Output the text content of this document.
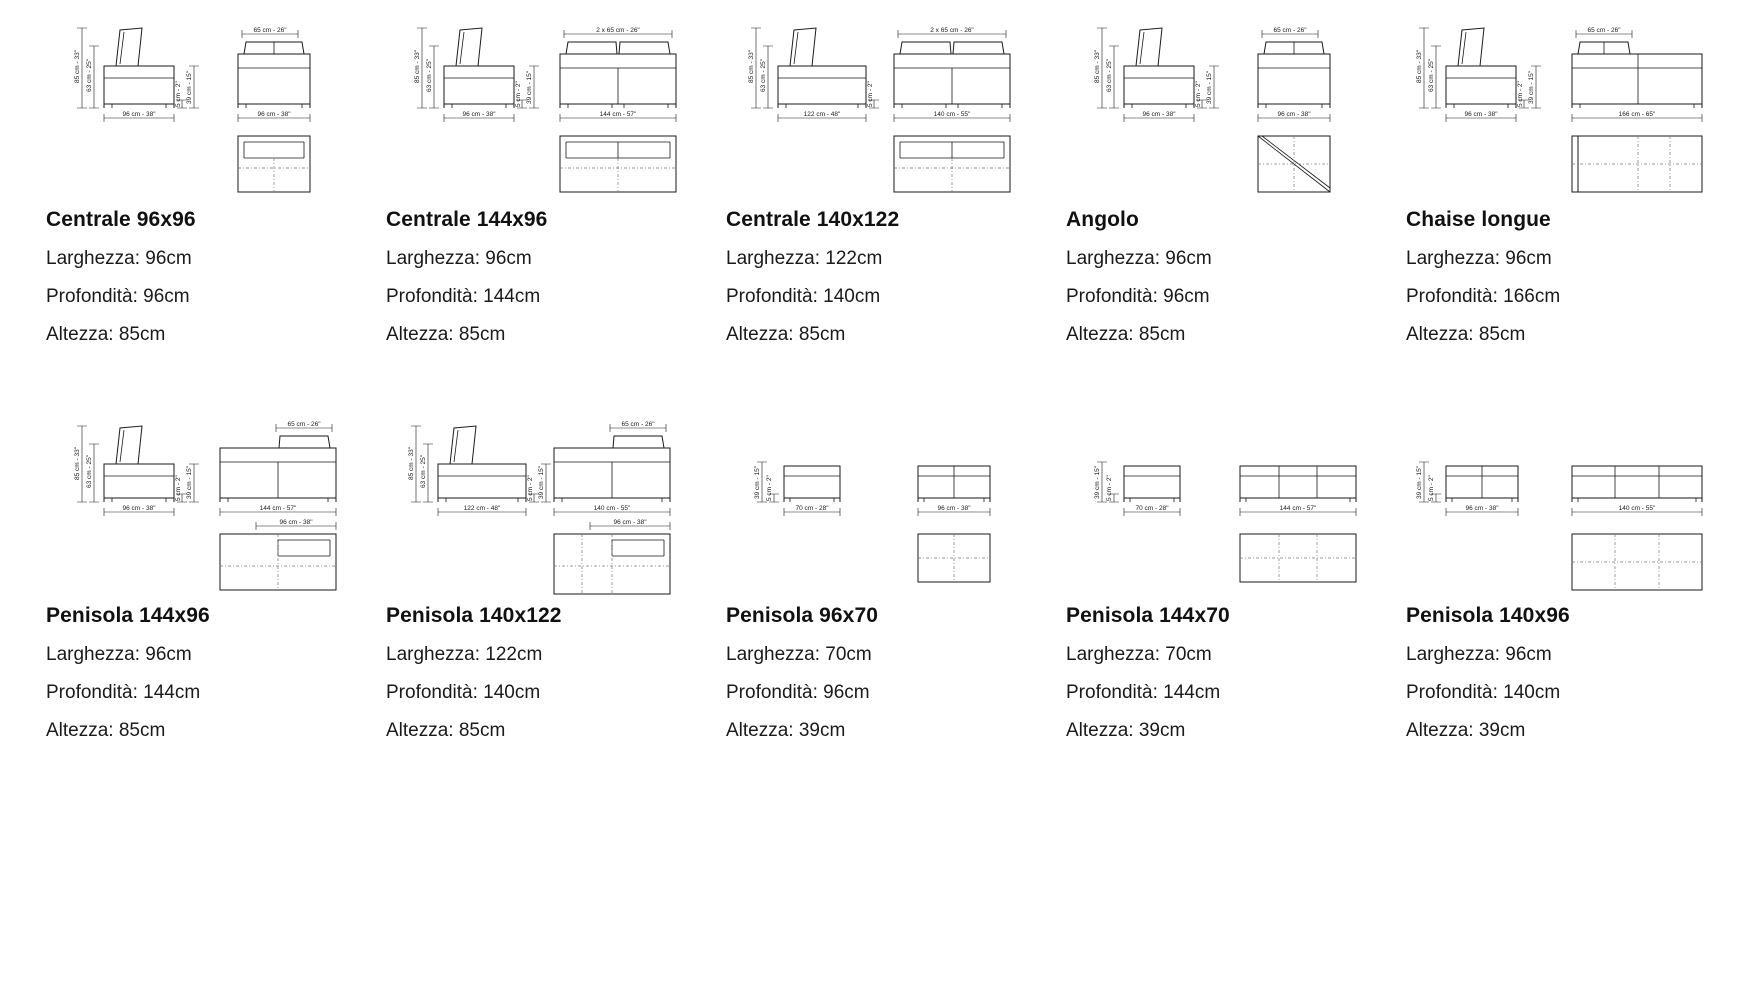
85 cm - 33" 63 cm - 25"
5 cm - 2" 39 cm - 15"
96 cm - 38"
65 cm - 26"
96 cm - 38"

Centrale 96x96

Larghezza: 96cm

Profondità: 96cm

Altezza: 85cm

85 cm - 33" 63 cm - 25"
5 cm - 2" 39 cm - 15"
96 cm - 38"
2 x 65 cm - 26"
144 cm - 57"

Centrale 144x96

Larghezza: 96cm

Profondità: 144cm

Altezza: 85cm

85 cm - 33" 63 cm - 25"
5 cm - 2"
122 cm - 48"
2 x 65 cm - 26"
140 cm - 55"

Centrale 140x122

Larghezza: 122cm

Profondità: 140cm

Altezza: 85cm

85 cm - 33" 63 cm - 25"
5 cm - 2" 39 cm - 15"
96 cm - 38"
65 cm - 26"
96 cm - 38"

Angolo

Larghezza: 96cm

Profondità: 96cm

Altezza: 85cm

85 cm - 33" 63 cm - 25"
5 cm - 2" 39 cm - 15"
96 cm - 38"
65 cm - 26"
166 cm - 65"

Chaise longue

Larghezza: 96cm

Profondità: 166cm

Altezza: 85cm

85 cm - 33" 63 cm - 25"
5 cm - 2" 39 cm - 15"
96 cm - 38"
65 cm - 26"
144 cm - 57"
96 cm - 38"

Penisola 144x96

Larghezza: 96cm

Profondità: 144cm

Altezza: 85cm

85 cm - 33" 63 cm - 25"
5 cm - 2" 39 cm - 15"
122 cm - 48"
65 cm - 26"
140 cm - 55"
96 cm - 38"

Penisola 140x122

Larghezza: 122cm

Profondità: 140cm

Altezza: 85cm

39 cm - 15" 5 cm - 2"
70 cm - 28"	96 cm - 38"

Penisola 96x70

Larghezza: 70cm

Profondità: 96cm

Altezza: 39cm

39 cm - 15" 5 cm - 2"
70 cm - 28"	144 cm - 57"

Penisola 144x70

Larghezza: 70cm

Profondità: 144cm

Altezza: 39cm

39 cm - 15" 5 cm - 2"
96 cm - 38"	140 cm - 55"

Penisola 140x96

Larghezza: 96cm

Profondità: 140cm

Altezza: 39cm
